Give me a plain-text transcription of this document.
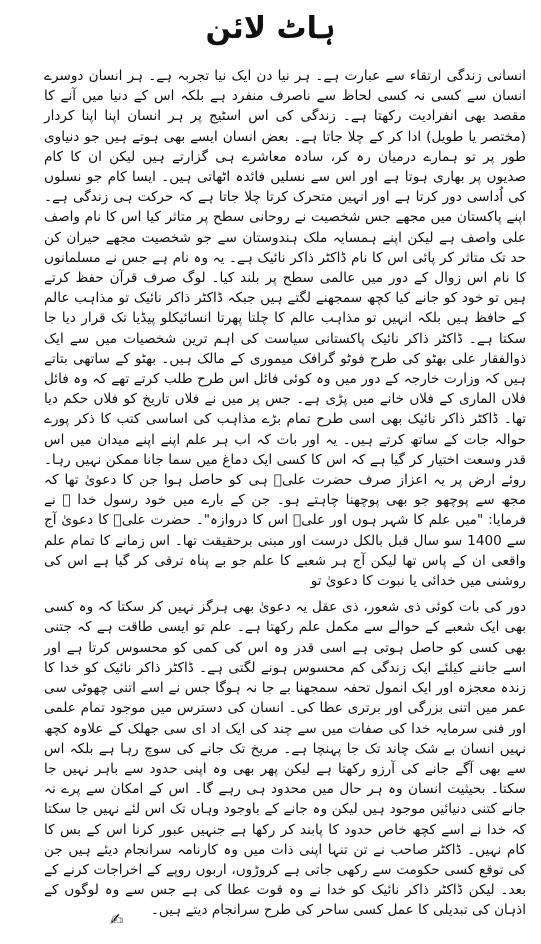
ہاٹ لائن

انسانی زندگی ارتقاء سے عبارت ہے۔ ہر نیا دن ایک نیا تجربہ ہے۔ ہر انسان دوسرے انسان سے کسی نہ کسی لحاظ سے ناصرف منفرد ہے بلکہ اس کے دنیا میں آنے کا مقصد بھی انفرادیت رکھتا ہے۔ زندگی کی اس اسٹیج پر ہر انسان اپنا اپنا کردار (مختصر یا طویل) ادا کر کے چلا جاتا ہے۔ بعض انسان ایسے بھی ہوتے ہیں جو دنیاوی طور پر تو ہمارے درمیان رہ کر، سادہ معاشرے ہی گزارتے ہیں لیکن ان کا کام صدیوں پر بھاری ہوتا ہے اور اس سے نسلیں فائدہ اٹھاتی ہیں۔ ایسا کام جو نسلوں کی اُداسی دور کرتا ہے اور انہیں متحرک کرتا چلا جاتا ہے کہ حرکت ہی زندگی ہے۔ اپنے پاکستان میں مجھے جس شخصیت نے روحانی سطح پر متاثر کیا اس کا نام واصف علی واصف ہے لیکن اپنے ہمسایہ ملک ہندوستان سے جو شخصیت مجھے حیران کن حد تک متاثر کر پائی اس کا نام ڈاکٹر ذاکر نائیک ہے۔ یہ وہ نام ہے جس نے مسلمانوں کا نام اس زوال کے دور میں عالمی سطح پر بلند کیا۔ لوگ صرف قرآن حفظ کرتے ہیں تو خود کو جانے کیا کچھ سمجھنے لگتے ہیں جبکہ ڈاکٹر ذاکر نائیک تو مذاہب عالم کے حافظ ہیں بلکہ انہیں تو مذاہب عالم کا چلتا پھرتا انسائیکلو پیڈیا تک قرار دیا جا سکتا ہے۔ ڈاکٹر ذاکر نائیک پاکستانی سیاست کی اہم ترین شخصیات میں سے ایک ذوالفقار علی بھٹو کی طرح فوٹو گرافک میموری کے مالک ہیں۔ بھٹو کے ساتھی بتاتے ہیں کہ وزارت خارجہ کے دور میں وہ کوئی فائل اس طرح طلب کرتے تھے کہ وہ فائل فلاں الماری کے فلاں خانے میں پڑی ہے۔ جس پر میں نے فلاں تاریخ کو فلاں حکم دیا تھا۔ ڈاکٹر ذاکر نائیک بھی اسی طرح تمام بڑے مذاہب کی اساسی کتب کا ذکر پورے حوالہ جات کے ساتھ کرتے ہیں۔ یہ اور بات کہ اب ہر علم اپنے اپنے میدان میں اس قدر وسعت اختیار کر گیا ہے کہ اس کا کسی ایک دماغ میں سما جانا ممکن نہیں رہا۔ روئے ارض پر یہ اعزاز صرف حضرت علیؓ ہی کو حاصل ہوا جن کا دعویٰ تھا کہ مجھ سے پوچھو جو بھی پوچھنا چاہتے ہو۔ جن کے بارے میں خود رسول خدا ﷺ نے فرمایا: "میں علم کا شہر ہوں اور علیؓ اس کا دروازہ"۔ حضرت علیؓ کا دعویٰ آج سے 1400 سو سال قبل بالکل درست اور مبنی برحقیقت تھا۔ اس زمانے کا تمام علم واقعی ان کے پاس تھا لیکن آج ہر شعبے کا علم جو بے پناہ ترقی کر گیا ہے اس کی روشنی میں خدائی یا نبوت کا دعویٰ تو

دور کی بات کوئی ذی شعور، ذی عقل یہ دعویٰ بھی ہرگز نہیں کر سکتا کہ وہ کسی بھی ایک شعبے کے حوالے سے مکمل علم رکھتا ہے۔ علم تو ایسی طاقت ہے کہ جتنی بھی کسی کو حاصل ہوتی ہے اسی قدر وہ اس کی کمی کو محسوس کرتا ہے اور اسے جاننے کیلئے ایک زندگی کم محسوس ہونے لگتی ہے۔ ڈاکٹر ذاکر نائیک کو خدا کا زندہ معجزہ اور ایک انمول تحفہ سمجھنا بے جا نہ ہوگا جس نے اسے اتنی چھوٹی سی عمر میں اتنی بزرگی اور برتری عطا کی۔ انسان کی دسترس میں موجود تمام علمی اور فنی سرمایہ خدا کی صفات میں سے چند کی ایک اد ای سی جھلک کے علاوہ کچھ نہیں انسان بے شک چاند تک جا پہنچا ہے۔ مریخ تک جانے کی سوچ رہا ہے بلکہ اس سے بھی آگے جانے کی آرزو رکھتا ہے لیکن پھر بھی وہ اپنی حدود سے باہر نہیں جا سکتا۔ بحیثیت انسان وہ ہر حال میں محدود ہی رہے گا۔ اس کے امکان سے پرے نہ جانے کتنی دنیائیں موجود ہیں لیکن وہ جانے کے باوجود وہاں تک اس لئے نہیں جا سکتا کہ خدا نے اسے کچھ خاص حدود کا پابند کر رکھا ہے جنہیں عبور کرنا اس کے بس کا کام نہیں۔ ڈاکٹر صاحب نے تن تنہا اپنی ذات میں وہ کارنامہ سرانجام دیئے ہیں جن کی توقع کسی حکومت سے رکھی جاتی ہے کروڑوں، اربوں روپے کے اخراجات کرنے کے بعد۔ لیکن ڈاکٹر ذاکر نائیک کو خدا نے وہ قوت عطا کی ہے جس سے وہ لوگوں کے اذہان کی تبدیلی کا عمل کسی ساحر کی طرح سرانجام دیتے ہیں۔

✍
